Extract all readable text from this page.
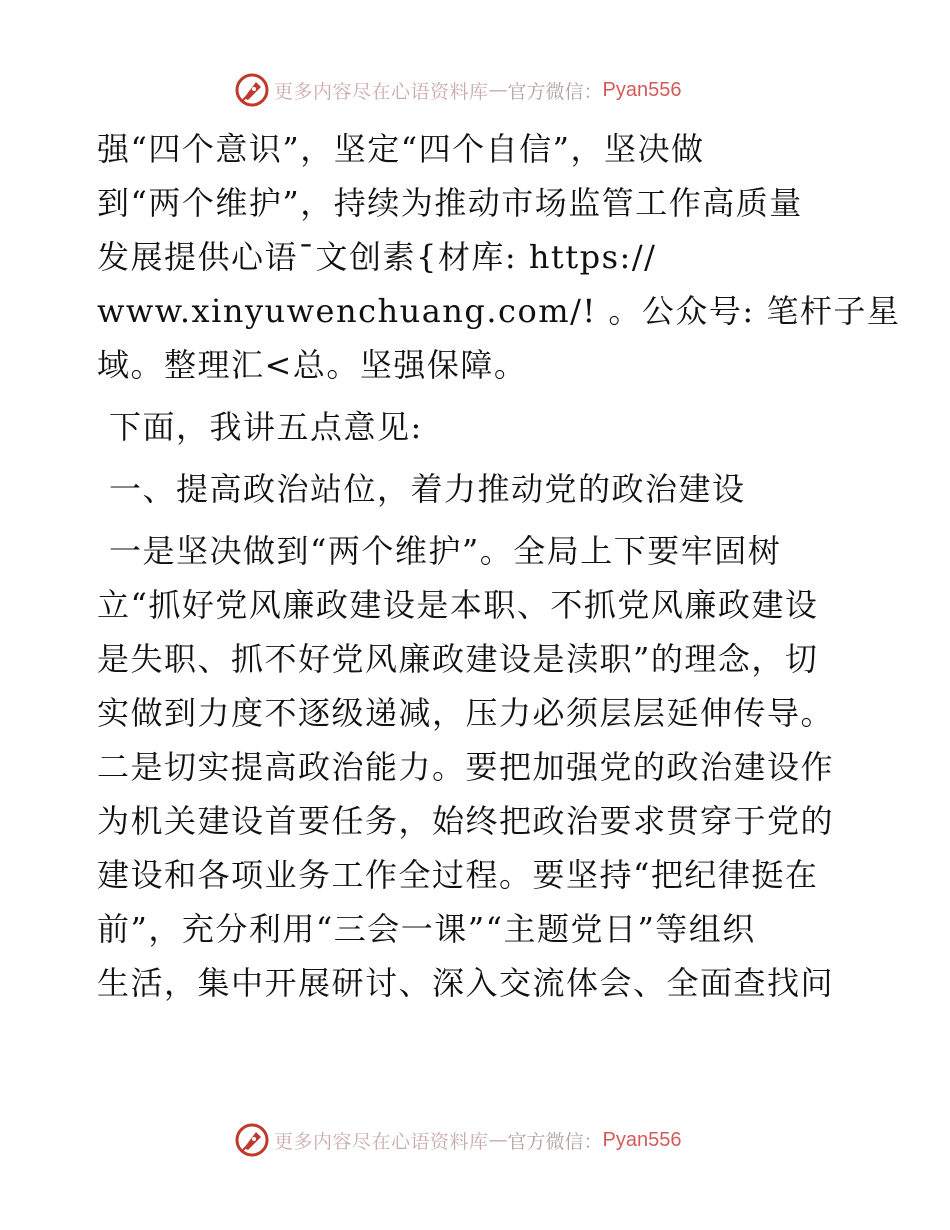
更多内容尽在心语资料库 — 官方微信： Pyan556
强“四个意识”，坚定“四个自信”，坚决做
到“两个维护”，持续为推动市场监管工作高质量
发展提供心语¯文创素{材库: https://
www.xinyuwenchuang.com/! 。公众号: 笔杆子星
域。整理汇<总。坚强保障。
下面，我讲五点意见:
一、提高政治站位，着力推动党的政治建设
一是坚决做到“两个维护”。全局上下要牢固树
立“抓好党风廉政建设是本职、不抓党风廉政建设
是失职、抓不好党风廉政建设是渎职”的理念，切
实做到力度不逐级递减，压力必须层层延伸传导。
二是切实提高政治能力。要把加强党的政治建设作
为机关建设首要任务，始终把政治要求贯穿于党的
建设和各项业务工作全过程。要坚持“把纪律挺在
前”，充分利用“三会一课”“主题党日”等组织
生活，集中开展研讨、深入交流体会、全面查找问
更多内容尽在心语资料库 — 官方微信： Pyan556
